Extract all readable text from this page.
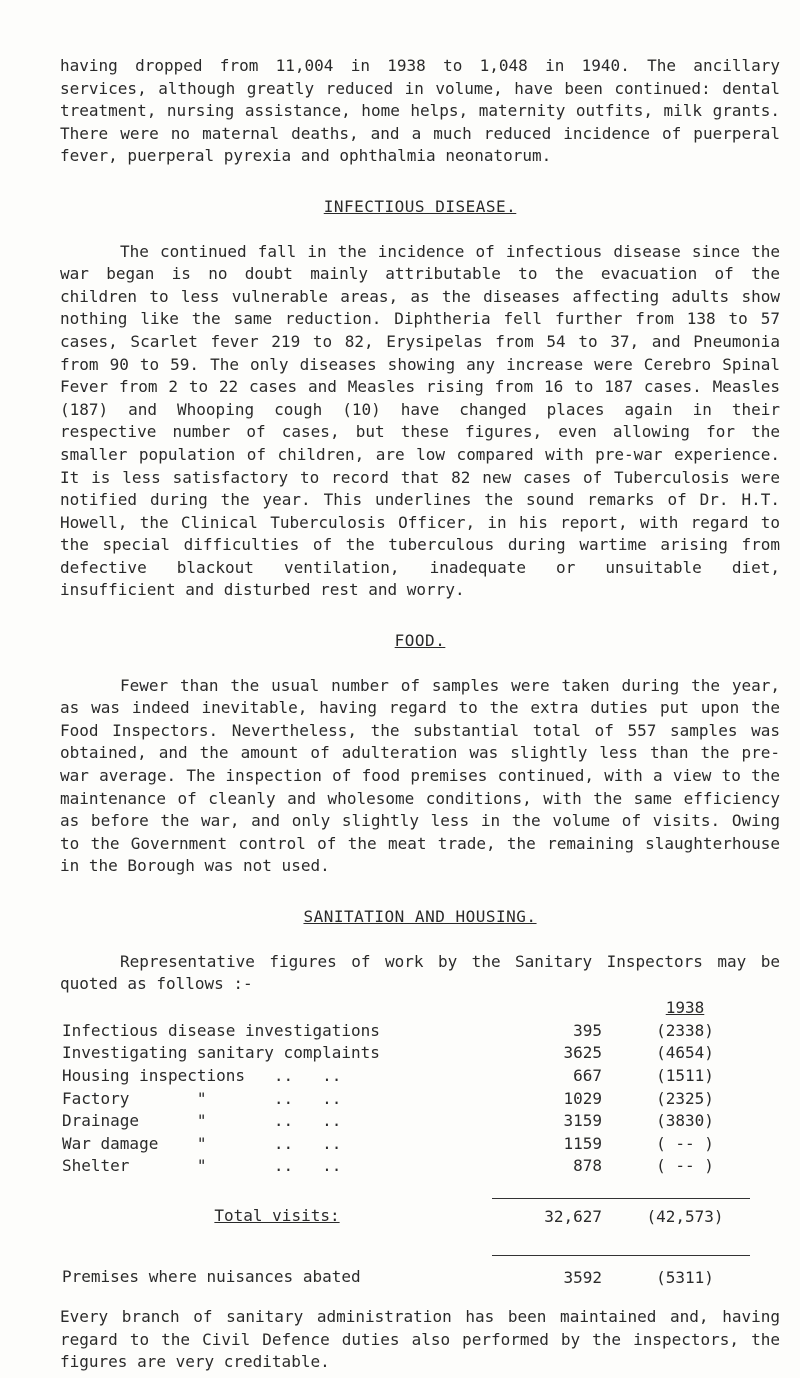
having dropped from 11,004 in 1938 to 1,048 in 1940. The ancillary services, although greatly reduced in volume, have been continued: dental treatment, nursing assistance, home helps, maternity outfits, milk grants. There were no maternal deaths, and a much reduced incidence of puerperal fever, puerperal pyrexia and ophthalmia neonatorum.

INFECTIOUS DISEASE.

The continued fall in the incidence of infectious disease since the war began is no doubt mainly attributable to the evacuation of the children to less vulnerable areas, as the diseases affecting adults show nothing like the same reduction. Diphtheria fell further from 138 to 57 cases, Scarlet fever 219 to 82, Erysipelas from 54 to 37, and Pneumonia from 90 to 59. The only diseases showing any increase were Cerebro Spinal Fever from 2 to 22 cases and Measles rising from 16 to 187 cases. Measles (187) and Whooping cough (10) have changed places again in their respective number of cases, but these figures, even allowing for the smaller population of children, are low compared with pre-war experience. It is less satisfactory to record that 82 new cases of Tuberculosis were notified during the year. This underlines the sound remarks of Dr. H.T. Howell, the Clinical Tuberculosis Officer, in his report, with regard to the special difficulties of the tuberculous during wartime arising from defective blackout ventilation, inadequate or unsuitable diet, insufficient and disturbed rest and worry.

FOOD.

Fewer than the usual number of samples were taken during the year, as was indeed inevitable, having regard to the extra duties put upon the Food Inspectors. Nevertheless, the substantial total of 557 samples was obtained, and the amount of adulteration was slightly less than the pre-war average. The inspection of food premises continued, with a view to the maintenance of cleanly and wholesome conditions, with the same efficiency as before the war, and only slightly less in the volume of visits. Owing to the Government control of the meat trade, the remaining slaughterhouse in the Borough was not used.

SANITATION AND HOUSING.

Representative figures of work by the Sanitary Inspectors may be quoted as follows :-

		1938
Infectious disease investigations	395	(2338)
Investigating sanitary complaints	3625	(4654)
Housing inspections   ..   ..	667	(1511)
Factory       "       ..   ..	1029	(2325)
Drainage      "       ..   ..	3159	(3830)
War damage    "       ..   ..	1159	( -- )
Shelter       "       ..   ..	878	( -- )

Total visits:	32,627	(42,573)

Premises where nuisances abated	3592	(5311)

Every branch of sanitary administration has been maintained and, having regard to the Civil Defence duties also performed by the inspectors, the figures are very creditable.
